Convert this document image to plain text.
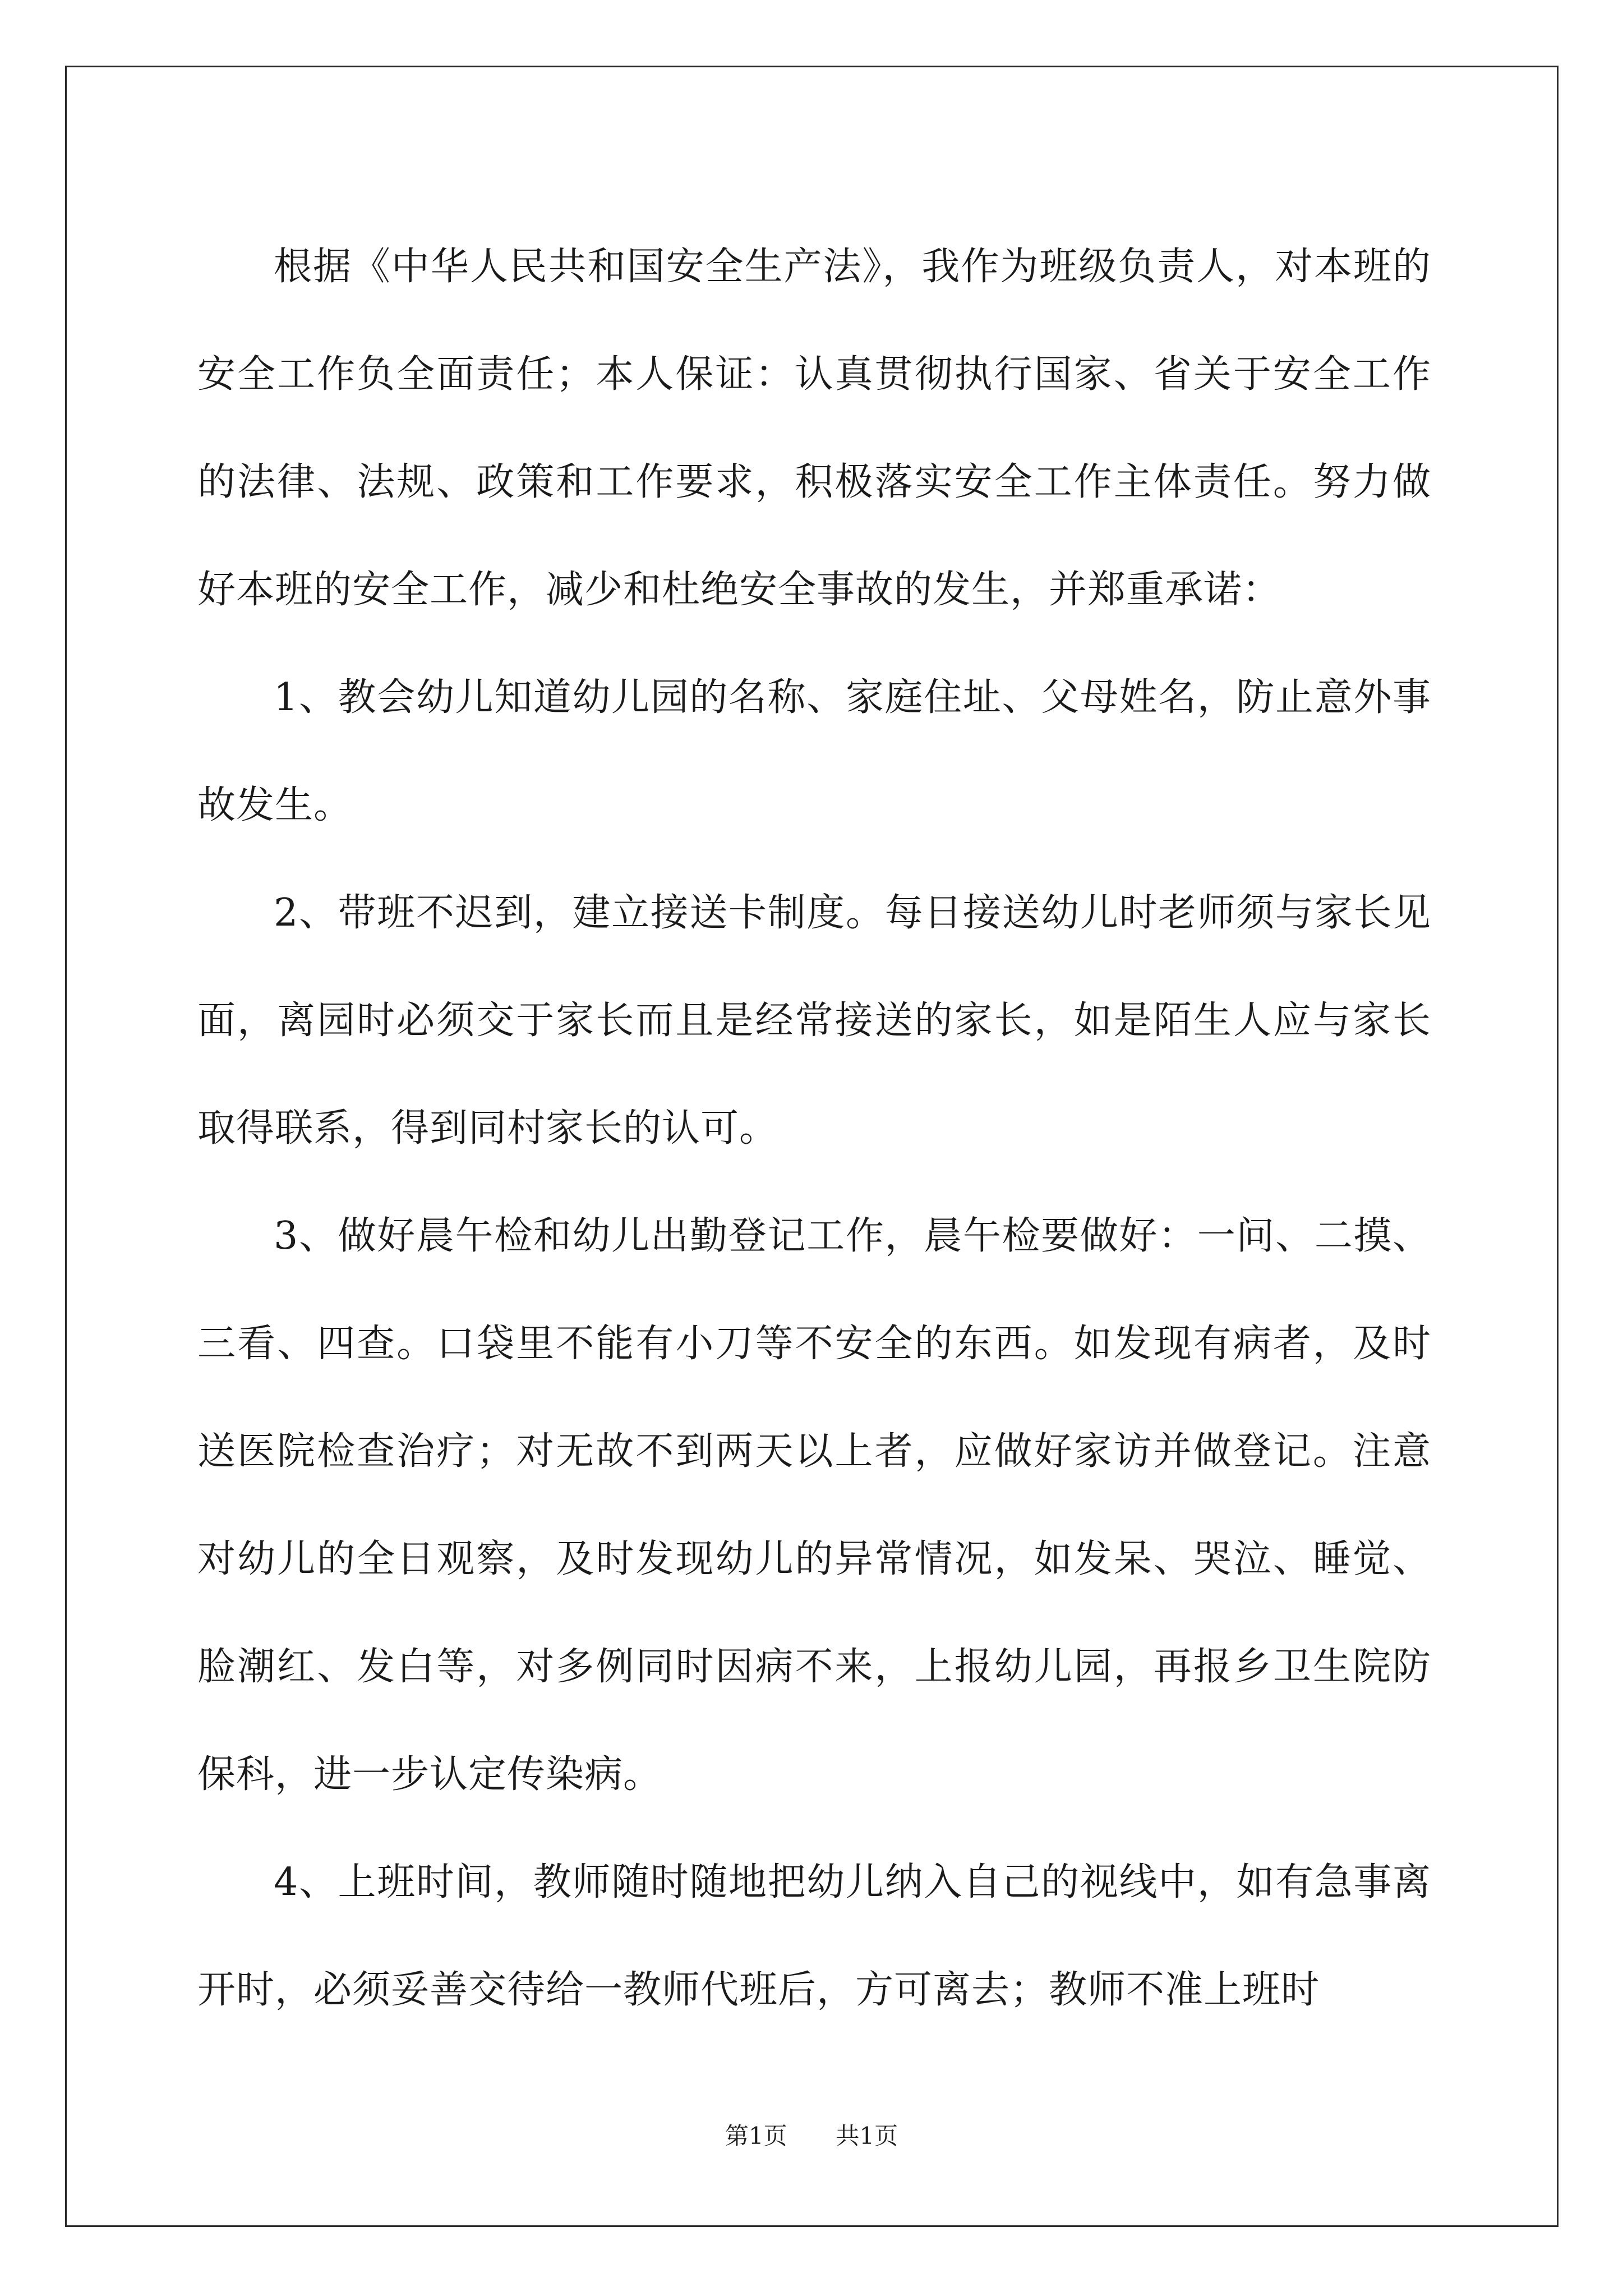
根据《中华人民共和国安全生产法》，我作为班级负责人，对本班的安全工作负全面责任；本人保证：认真贯彻执行国家、省关于安全工作的法律、法规、政策和工作要求，积极落实安全工作主体责任。努力做好本班的安全工作，减少和杜绝安全事故的发生，并郑重承诺：

1、教会幼儿知道幼儿园的名称、家庭住址、父母姓名，防止意外事故发生。

2、带班不迟到，建立接送卡制度。每日接送幼儿时老师须与家长见面，离园时必须交于家长而且是经常接送的家长，如是陌生人应与家长取得联系，得到同村家长的认可。

3、做好晨午检和幼儿出勤登记工作，晨午检要做好：一问、二摸、三看、四查。口袋里不能有小刀等不安全的东西。如发现有病者，及时送医院检查治疗；对无故不到两天以上者，应做好家访并做登记。注意对幼儿的全日观察，及时发现幼儿的异常情况，如发呆、哭泣、睡觉、脸潮红、发白等，对多例同时因病不来，上报幼儿园，再报乡卫生院防保科，进一步认定传染病。

4、上班时间，教师随时随地把幼儿纳入自己的视线中，如有急事离开时，必须妥善交待给一教师代班后，方可离去；教师不准上班时

第1页 共1页
